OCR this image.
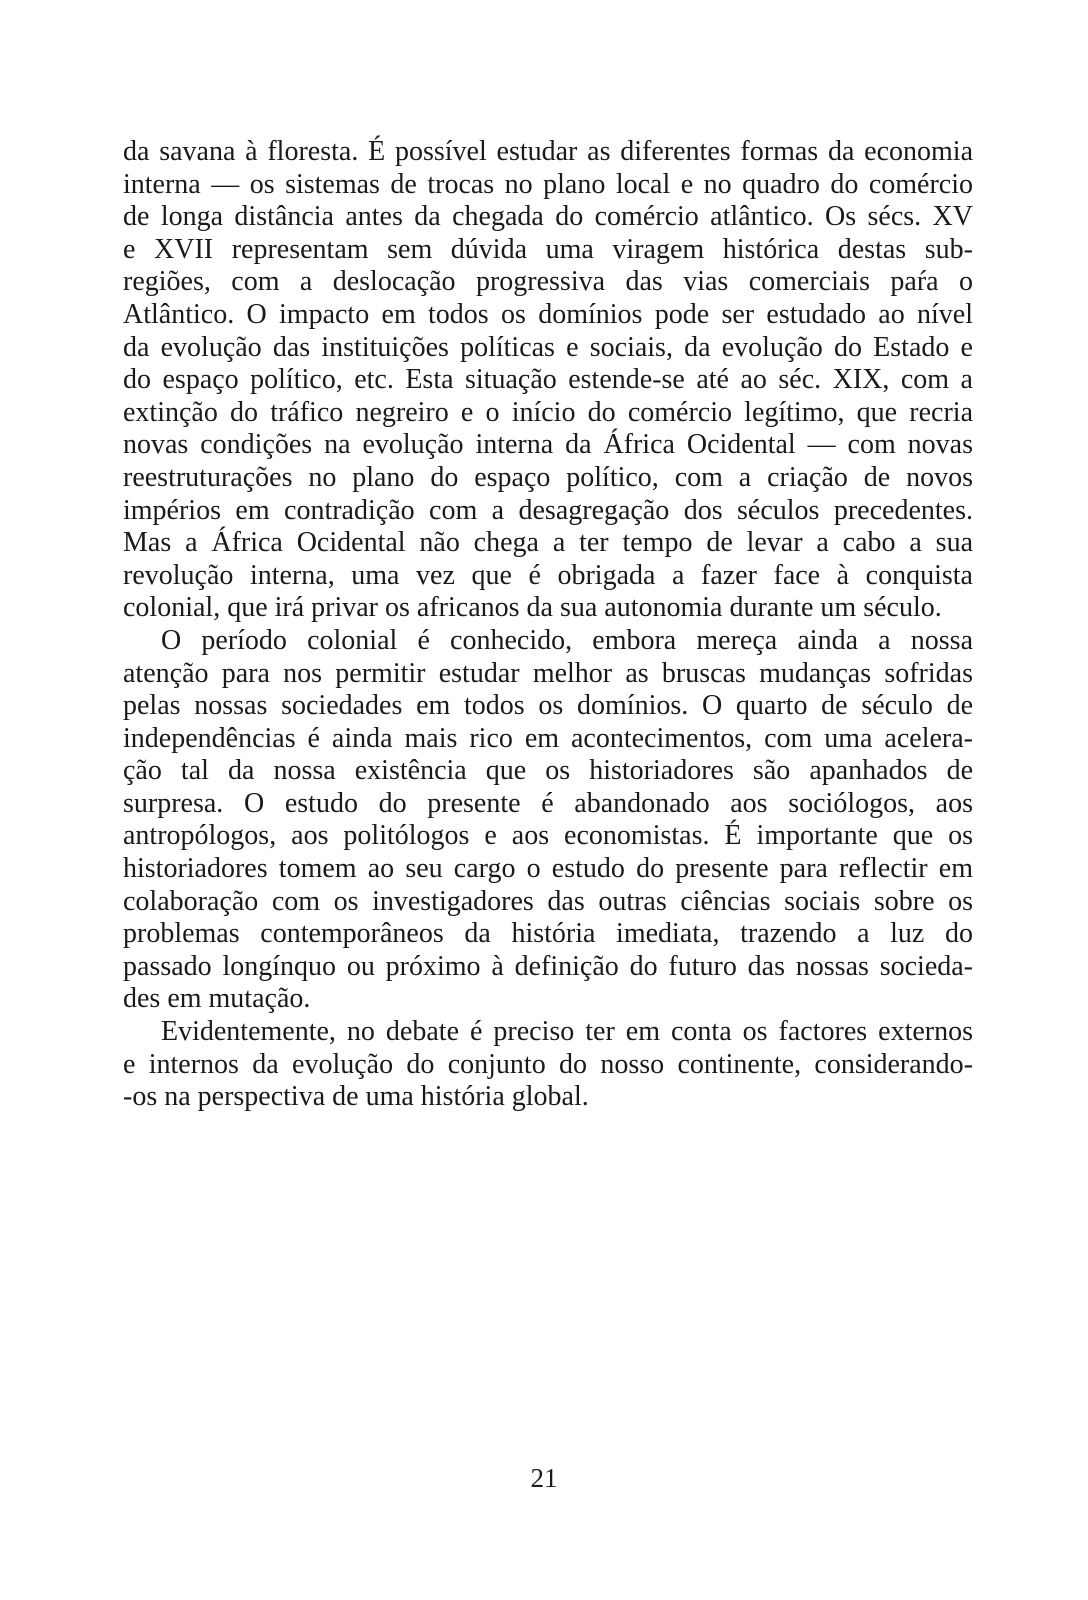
da savana à floresta. É possível estudar as diferentes formas da economia
interna — os sistemas de trocas no plano local e no quadro do comércio
de longa distância antes da chegada do comércio atlântico. Os sécs. XV
e XVII representam sem dúvida uma viragem histórica destas sub-
regiões, com a deslocação progressiva das vias comerciais paŕa o
Atlântico. O impacto em todos os domínios pode ser estudado ao nível
da evolução das instituições políticas e sociais, da evolução do Estado e
do espaço político, etc. Esta situação estende-se até ao séc. XIX, com a
extinção do tráfico negreiro e o início do comércio legítimo, que recria
novas condições na evolução interna da África Ocidental — com novas
reestruturações no plano do espaço político, com a criação de novos
impérios em contradição com a desagregação dos séculos precedentes.
Mas a África Ocidental não chega a ter tempo de levar a cabo a sua
revolução interna, uma vez que é obrigada a fazer face à conquista
colonial, que irá privar os africanos da sua autonomia durante um século.
O período colonial é conhecido, embora mereça ainda a nossa
atenção para nos permitir estudar melhor as bruscas mudanças sofridas
pelas nossas sociedades em todos os domínios. O quarto de século de
independências é ainda mais rico em acontecimentos, com uma acelera-
ção tal da nossa existência que os historiadores são apanhados de
surpresa. O estudo do presente é abandonado aos sociólogos, aos
antropólogos, aos politólogos e aos economistas. É importante que os
historiadores tomem ao seu cargo o estudo do presente para reflectir em
colaboração com os investigadores das outras ciências sociais sobre os
problemas contemporâneos da história imediata, trazendo a luz do
passado longínquo ou próximo à definição do futuro das nossas socieda-
des em mutação.
Evidentemente, no debate é preciso ter em conta os factores externos
e internos da evolução do conjunto do nosso continente, considerando-
-os na perspectiva de uma história global.
21
